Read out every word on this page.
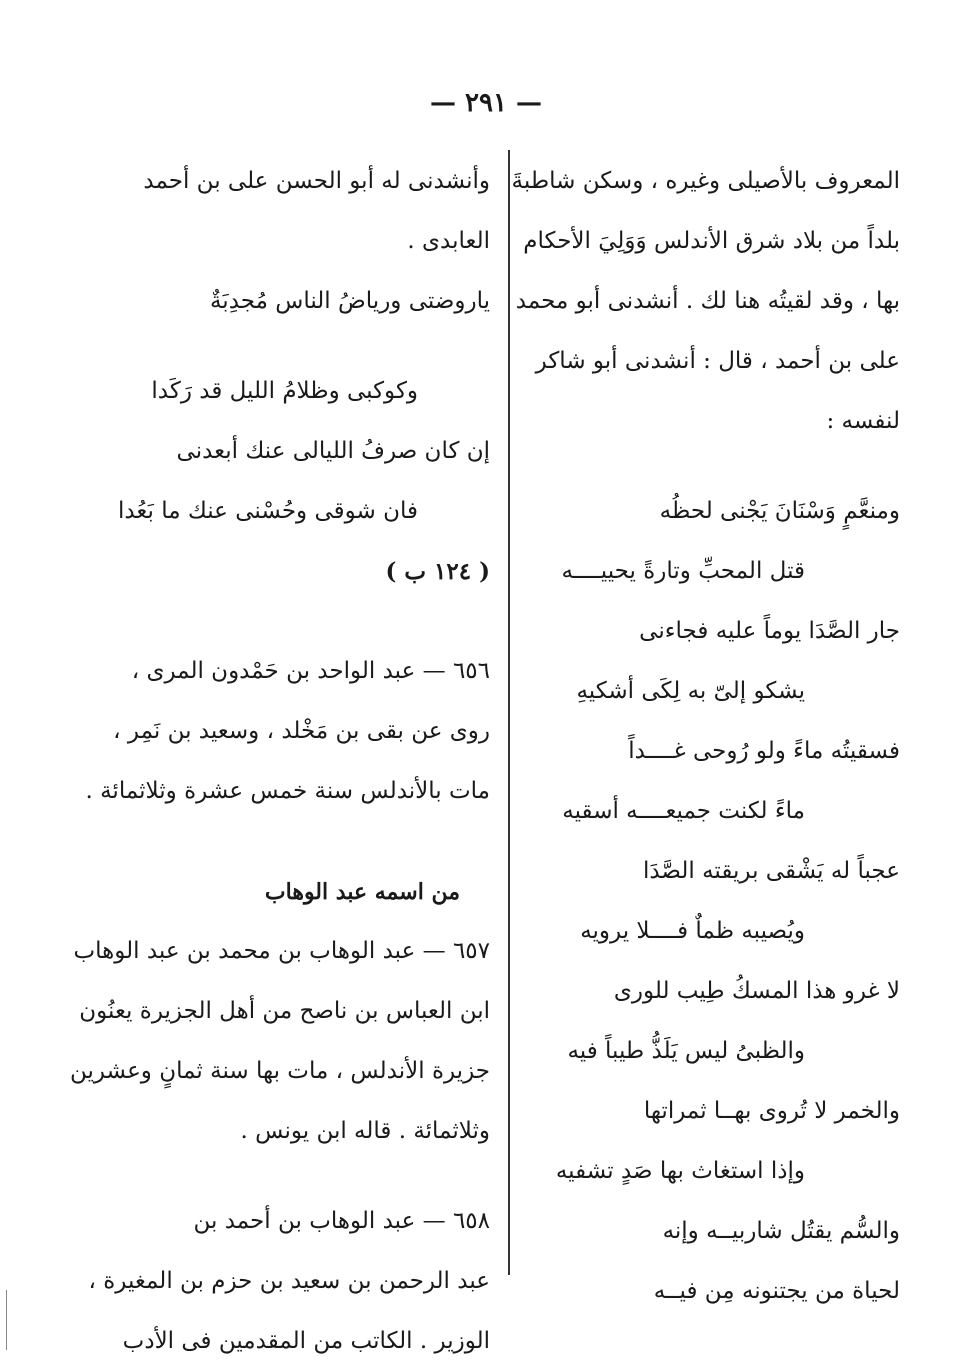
— ٢٩١ —
المعروف بالأصيلى وغيره ، وسكن شاطبةَ
بلداً من بلاد شرق الأندلس وَوَلِيَ الأحكام
بها ، وقد لقيتُه هنا لك . أنشدنى أبو محمد
على بن أحمد ، قال : أنشدنى أبو شاكر
لنفسه :
ومنعَّمٍ وَسْنَانَ يَجْنى لحظُه
قتل المحبِّ وتارةً يحييــــه
جار الصَّدَا يوماً عليه فجاءنى
يشكو إلىّ به لِكَى أشكيهِ
فسقيتُه ماءً ولو رُوحى غــــداً
ماءً لكنت جميعــــه أسقيه
عجباً له يَشْقى بريقته الصَّدَا
ويُصيبه ظماٌ فــــلا يرويه
لا غرو هذا المسكُ طِيب للورى
والظبىُ ليس يَلَذُّ طيباً فيه
والخمر لا تُروى بهــا ثمراتها
وإذا استغاث بها صَدٍ تشفيه
والسُّم يقتُل شاربيــه وإنه
لحياة من يجتنونه مِن فيــه
وأنشدنى له أبو الحسن على بن أحمد
العابدى .
ياروضتى ورياضُ الناس مُجدِبَةٌ
وكوكبى وظلامُ الليل قد رَكَدا
إن كان صرفُ الليالى عنك أبعدنى
فان شوقى وحُسْنى عنك ما بَعُدا
( ١٢٤ ب )
٦٥٦ — عبد الواحد بن حَمْدون المرى ،
روى عن بقى بن مَخْلد ، وسعيد بن نَمِر ،
مات بالأندلس سنة خمس عشرة وثلاثمائة .
من اسمه عبد الوهاب
٦٥٧ — عبد الوهاب بن محمد بن عبد الوهاب
ابن العباس بن ناصح من أهل الجزيرة يعنُون
جزيرة الأندلس ، مات بها سنة ثمانٍ وعشرين
وثلاثمائة . قاله ابن يونس .
٦٥٨ — عبد الوهاب بن أحمد بن
عبد الرحمن بن سعيد بن حزم بن المغيرة ،
الوزير . الكاتب من المقدمين فى الأدب
